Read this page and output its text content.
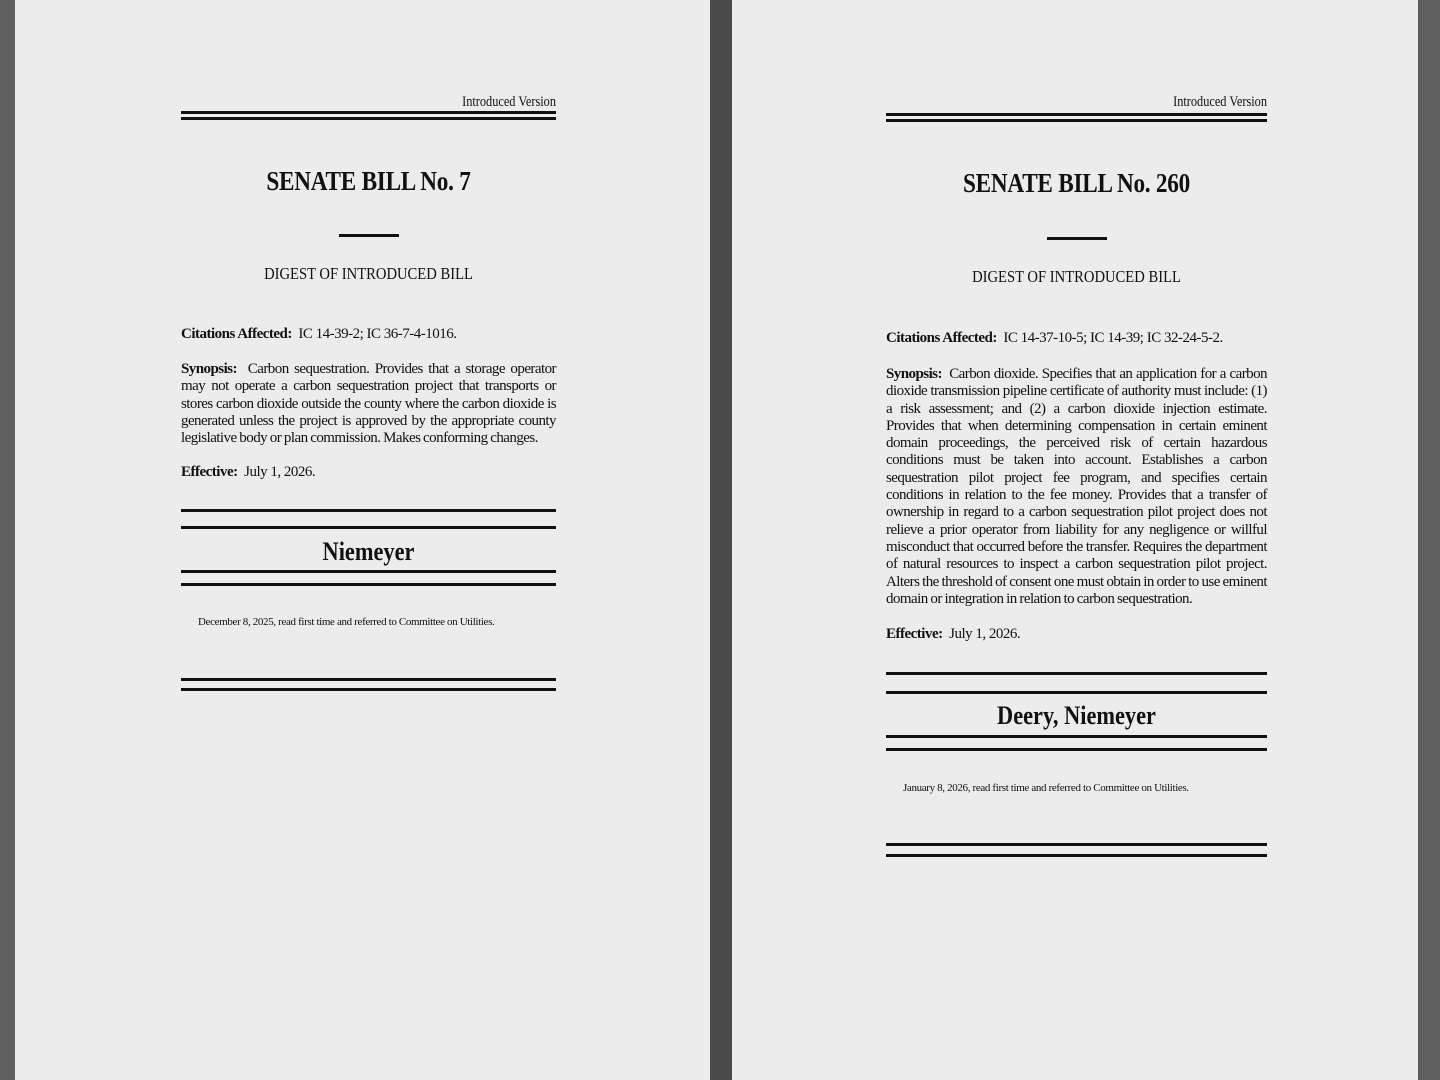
Introduced Version
SENATE BILL No. 7
DIGEST OF INTRODUCED BILL
Citations Affected: IC 14-39-2; IC 36-7-4-1016.
Synopsis: Carbon sequestration. Provides that a storage operator may not operate a carbon sequestration project that transports or stores carbon dioxide outside the county where the carbon dioxide is generated unless the project is approved by the appropriate county legislative body or plan commission. Makes conforming changes.
Effective: July 1, 2026.
Niemeyer
December 8, 2025, read first time and referred to Committee on Utilities.
Introduced Version
SENATE BILL No. 260
DIGEST OF INTRODUCED BILL
Citations Affected: IC 14-37-10-5; IC 14-39; IC 32-24-5-2.
Synopsis: Carbon dioxide. Specifies that an application for a carbon dioxide transmission pipeline certificate of authority must include: (1) a risk assessment; and (2) a carbon dioxide injection estimate. Provides that when determining compensation in certain eminent domain proceedings, the perceived risk of certain hazardous conditions must be taken into account. Establishes a carbon sequestration pilot project fee program, and specifies certain conditions in relation to the fee money. Provides that a transfer of ownership in regard to a carbon sequestration pilot project does not relieve a prior operator from liability for any negligence or willful misconduct that occurred before the transfer. Requires the department of natural resources to inspect a carbon sequestration pilot project. Alters the threshold of consent one must obtain in order to use eminent domain or integration in relation to carbon sequestration.
Effective: July 1, 2026.
Deery, Niemeyer
January 8, 2026, read first time and referred to Committee on Utilities.
